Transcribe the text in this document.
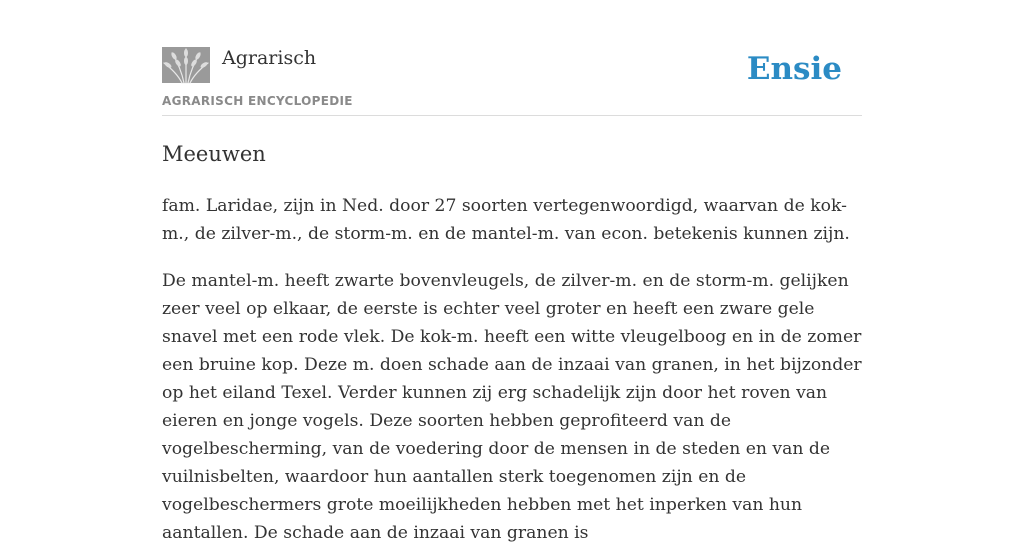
Agrarisch
AGRARISCH ENCYCLOPEDIE
Ensie
Meeuwen

fam. Laridae, zijn in Ned. door 27 soorten vertegenwoordigd, waarvan de kok-m., de zilver-m., de storm-m. en de mantel-m. van econ. betekenis kunnen zijn.

De mantel-m. heeft zwarte bovenvleugels, de zilver-m. en de storm-m. gelijken zeer veel op elkaar, de eerste is echter veel groter en heeft een zware gele snavel met een rode vlek. De kok-m. heeft een witte vleugelboog en in de zomer een bruine kop. Deze m. doen schade aan de inzaai van granen, in het bijzonder op het eiland Texel. Verder kunnen zij erg schadelijk zijn door het roven van eieren en jonge vogels. Deze soorten hebben geprofiteerd van de vogelbescherming, van de voedering door de mensen in de steden en van de vuilnisbelten, waardoor hun aantallen sterk toegenomen zijn en de vogelbeschermers grote moeilijkheden hebben met het inperken van hun aantallen. De schade aan de inzaai van granen is
